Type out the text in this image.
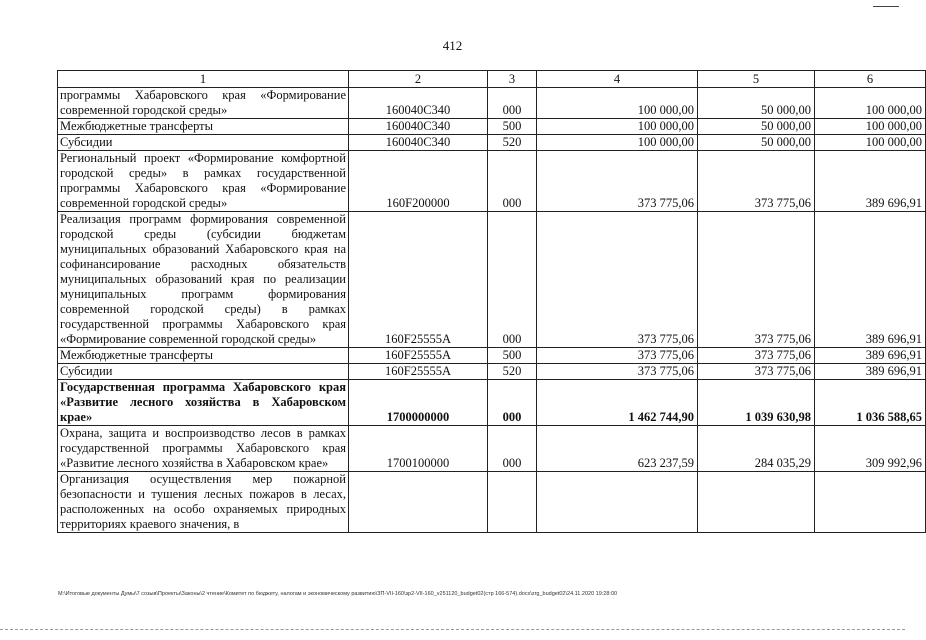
412
1	2	3	4	5	6
программы Хабаровского края «Формирование современной городской среды»	160040C340	000	100 000,00	50 000,00	100 000,00
Межбюджетные трансферты	160040C340	500	100 000,00	50 000,00	100 000,00
Субсидии	160040C340	520	100 000,00	50 000,00	100 000,00
Региональный проект «Формирование комфортной городской среды» в рамках государственной программы Хабаровского края «Формирование современной городской среды»	160F200000	000	373 775,06	373 775,06	389 696,91
Реализация программ формирования современной городской среды (субсидии бюджетам муниципальных образований Хабаровского края на софинансирование расходных обязательств муниципальных образований края по реализации муниципальных программ формирования современной городской среды) в рамках государственной программы Хабаровского края «Формирование современной городской среды»	160F25555A	000	373 775,06	373 775,06	389 696,91
Межбюджетные трансферты	160F25555A	500	373 775,06	373 775,06	389 696,91
Субсидии	160F25555A	520	373 775,06	373 775,06	389 696,91
Государственная программа Хабаровского края «Развитие лесного хозяйства в Хабаровском крае»	1700000000	000	1 462 744,90	1 039 630,98	1 036 588,65
Охрана, защита и воспроизводство лесов в рамках государственной программы Хабаровского края «Развитие лесного хозяйства в Хабаровском крае»	1700100000	000	623 237,59	284 035,29	309 992,96
Организация осуществления мер пожарной безопасности и тушения лесных пожаров в лесах, расположенных на особо охраняемых природных территориях краевого значения, в					
M:\Итоговые документы Думы\7 созыв\Проекты\Законы\2 чтение\Комитет по бюджету, налогам и экономическому развитию\ЗП-VII-160\зр2-VII-160_v251120_budget02(стр 166-574).docx\zrg_budget02\24.11.2020 19:28:00
